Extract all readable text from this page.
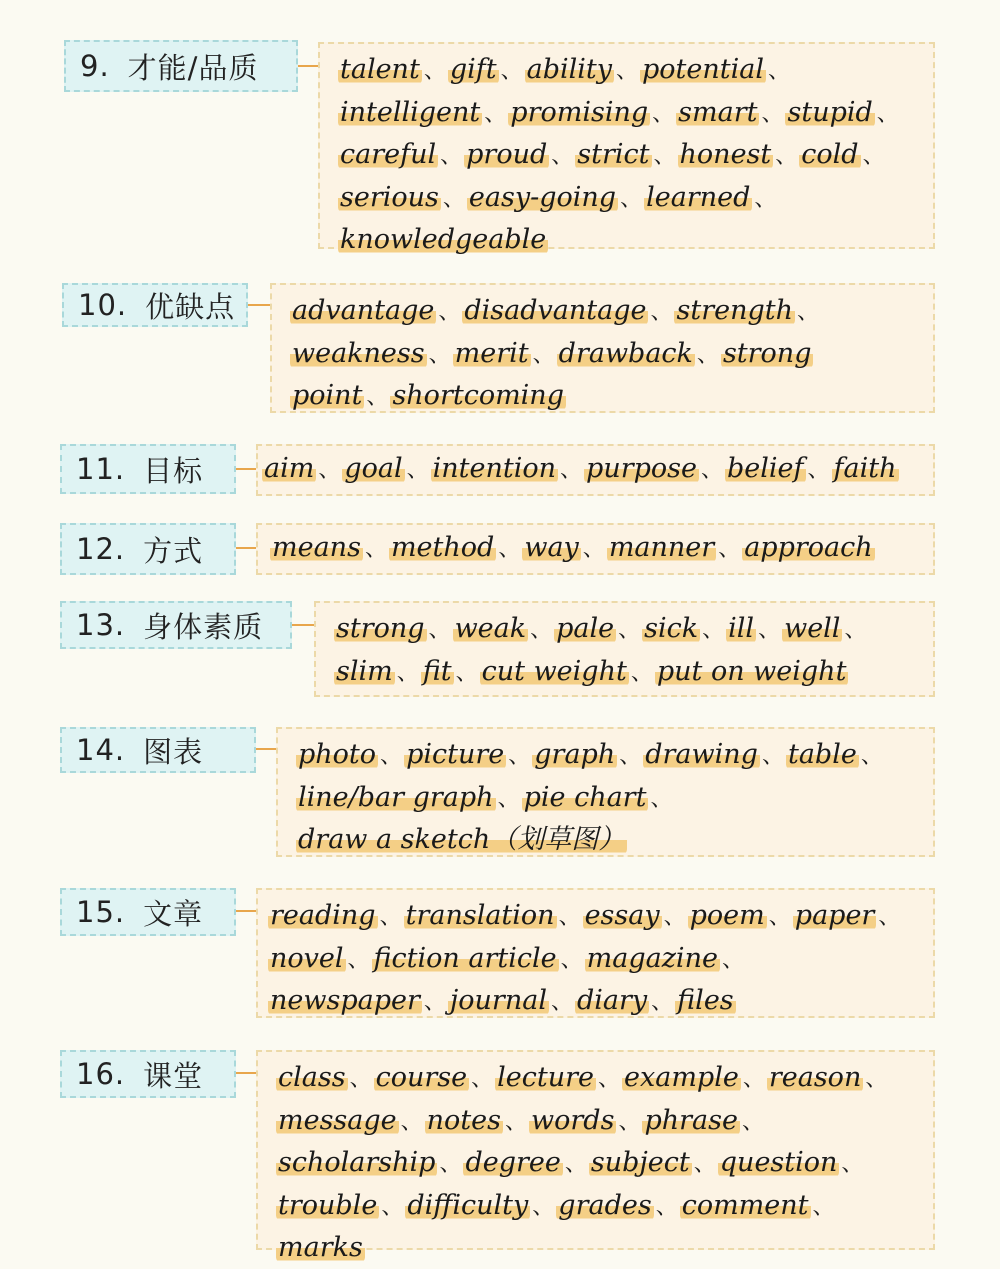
9. 才能/品质	talent 、 gift 、 ability 、 potential 、
intelligent 、 promising 、 smart 、 stupid 、
careful 、 proud 、 strict 、 honest 、 cold 、
serious 、 easy-going 、 learned 、
knowledgeable
10. 优缺点 advantage 、 disadvantage 、 strength 、
weakness 、 merit 、 drawback 、 strong
point 、 shortcoming
11. 目标 aim 、 goal 、 intention 、 purpose 、 belief 、 faith
12. 方式	means 、 method 、 way 、 manner 、 approach
13. 身体素质	strong 、 weak 、 pale 、 sick 、 ill 、 well 、
slim 、 fit 、 cut weight 、 put on weight
14. 图表	photo 、 picture 、 graph 、 drawing 、 table 、
line/bar graph 、 pie chart 、
draw a sketch（划草图）
15. 文章 reading 、 translation 、 essay 、 poem 、 paper 、
novel 、 fiction article 、 magazine 、
newspaper 、 journal 、 diary 、 files
16. 课堂	class 、 course 、 lecture 、 example 、 reason 、
message 、 notes 、 words 、 phrase 、
scholarship 、 degree 、 subject 、 question 、
trouble 、 difficulty 、 grades 、 comment 、
marks
